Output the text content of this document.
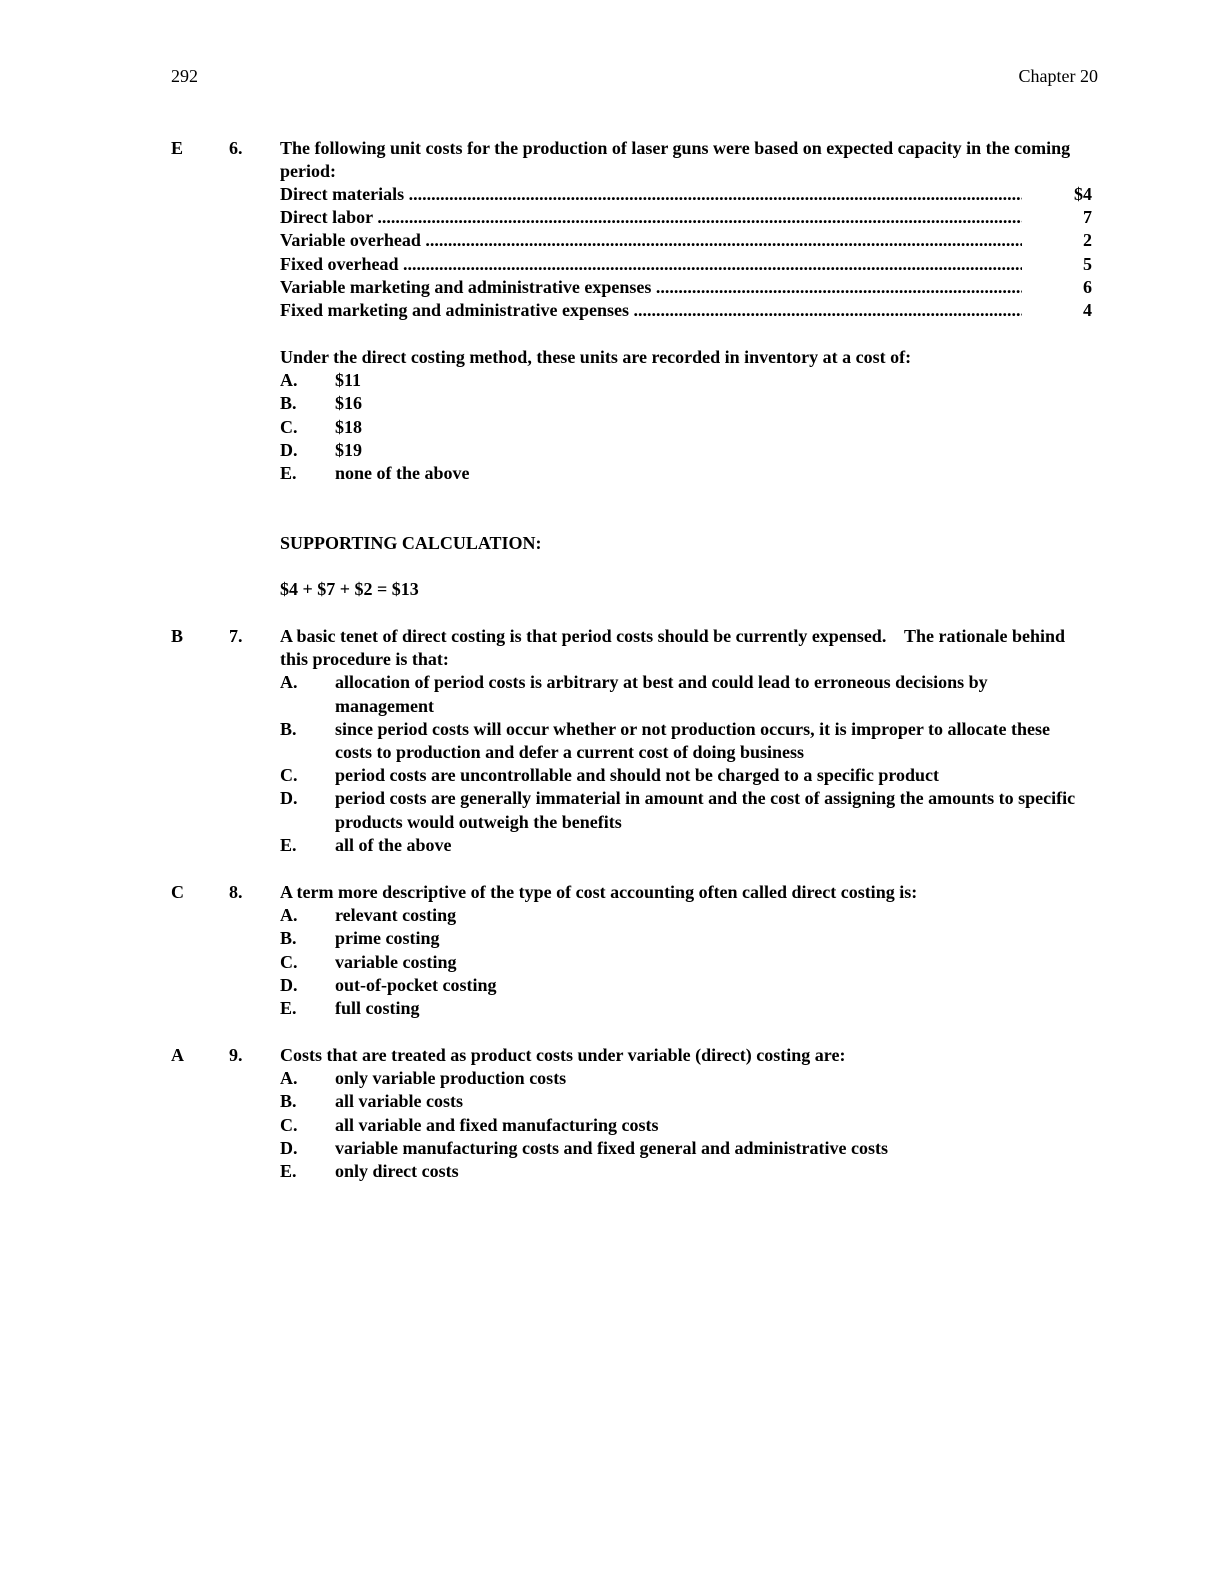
292	Chapter 20
E	6. The following unit costs for the production of laser guns were based on expected capacity in the coming period:

Direct materials .....	$4
Direct labor .....	7
Variable overhead .....	2
Fixed overhead .....	5
Variable marketing and administrative expenses .....	6
Fixed marketing and administrative expenses .....	4

Under the direct costing method, these units are recorded in inventory at a cost of:

A. $11
B. $16
C. $18
D. $19
E. none of the above
SUPPORTING CALCULATION:
$4 + $7 + $2 = $13
B	7. A basic tenet of direct costing is that period costs should be currently expensed.    The rationale behind this procedure is that:

A. allocation of period costs is arbitrary at best and could lead to erroneous decisions by management
B. since period costs will occur whether or not production occurs, it is improper to allocate these costs to production and defer a current cost of doing business
C. period costs are uncontrollable and should not be charged to a specific product
D. period costs are generally immaterial in amount and the cost of assigning the amounts to specific products would outweigh the benefits
E. all of the above
C	8. A term more descriptive of the type of cost accounting often called direct costing is:

A. relevant costing
B. prime costing
C. variable costing
D. out-of-pocket costing
E. full costing
A	9. Costs that are treated as product costs under variable (direct) costing are:

A. only variable production costs
B. all variable costs
C. all variable and fixed manufacturing costs
D. variable manufacturing costs and fixed general and administrative costs
E. only direct costs
